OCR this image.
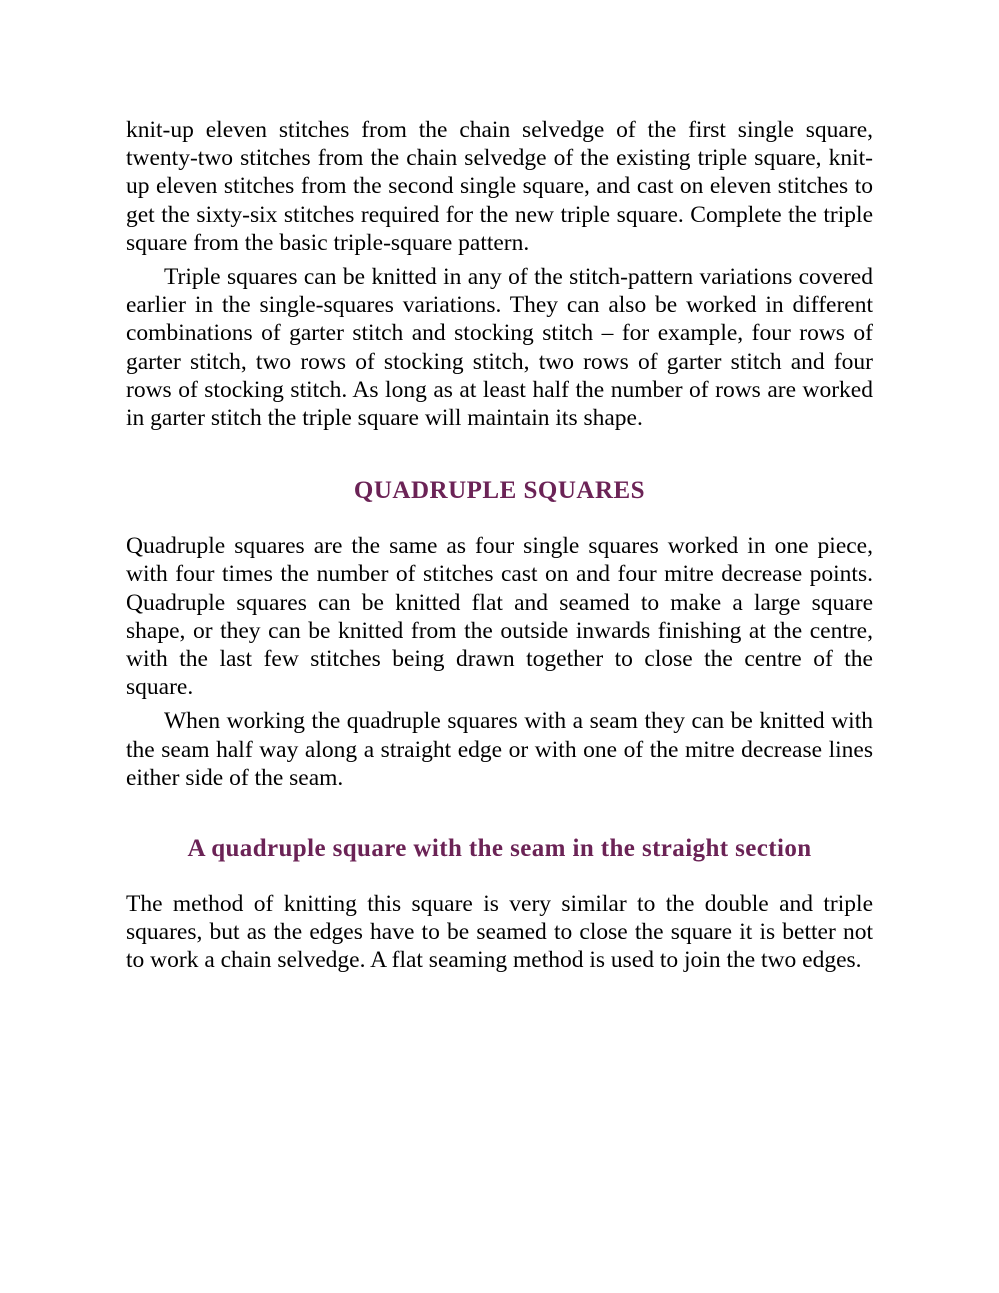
knit-up eleven stitches from the chain selvedge of the first single square, twenty-two stitches from the chain selvedge of the existing triple square, knit-up eleven stitches from the second single square, and cast on eleven stitches to get the sixty-six stitches required for the new triple square. Complete the triple square from the basic triple-square pattern.

Triple squares can be knitted in any of the stitch-pattern variations covered earlier in the single-squares variations. They can also be worked in different combinations of garter stitch and stocking stitch – for example, four rows of garter stitch, two rows of stocking stitch, two rows of garter stitch and four rows of stocking stitch. As long as at least half the number of rows are worked in garter stitch the triple square will maintain its shape.

QUADRUPLE SQUARES

Quadruple squares are the same as four single squares worked in one piece, with four times the number of stitches cast on and four mitre decrease points. Quadruple squares can be knitted flat and seamed to make a large square shape, or they can be knitted from the outside inwards finishing at the centre, with the last few stitches being drawn together to close the centre of the square.

When working the quadruple squares with a seam they can be knitted with the seam half way along a straight edge or with one of the mitre decrease lines either side of the seam.

A quadruple square with the seam in the straight section

The method of knitting this square is very similar to the double and triple squares, but as the edges have to be seamed to close the square it is better not to work a chain selvedge. A flat seaming method is used to join the two edges.
